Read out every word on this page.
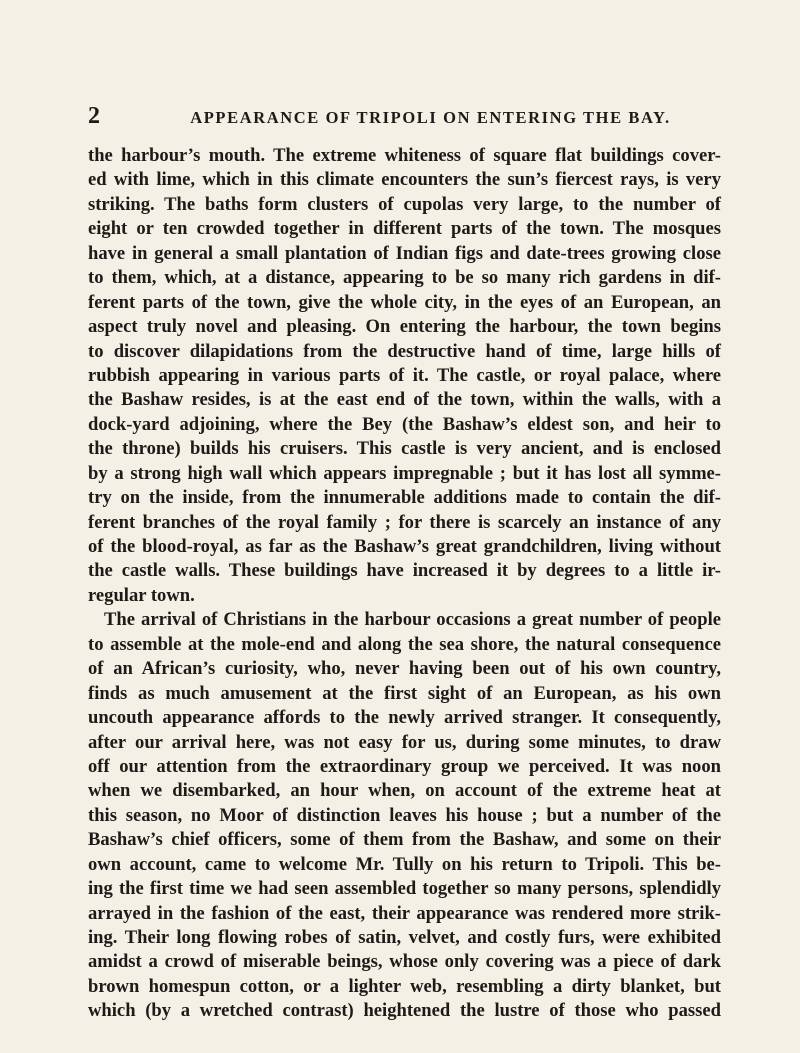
2	APPEARANCE OF TRIPOLI ON ENTERING THE BAY.
the harbour’s mouth. The extreme whiteness of square flat buildings cover-
ed with lime, which in this climate encounters the sun’s fiercest rays, is very
striking. The baths form clusters of cupolas very large, to the number of
eight or ten crowded together in different parts of the town. The mosques
have in general a small plantation of Indian figs and date-trees growing close
to them, which, at a distance, appearing to be so many rich gardens in dif-
ferent parts of the town, give the whole city, in the eyes of an European, an
aspect truly novel and pleasing. On entering the harbour, the town begins
to discover dilapidations from the destructive hand of time, large hills of
rubbish appearing in various parts of it. The castle, or royal palace, where
the Bashaw resides, is at the east end of the town, within the walls, with a
dock-yard adjoining, where the Bey (the Bashaw’s eldest son, and heir to
the throne) builds his cruisers. This castle is very ancient, and is enclosed
by a strong high wall which appears impregnable ; but it has lost all symme-
try on the inside, from the innumerable additions made to contain the dif-
ferent branches of the royal family ; for there is scarcely an instance of any
of the blood-royal, as far as the Bashaw’s great grandchildren, living without
the castle walls. These buildings have increased it by degrees to a little ir-
regular town.
The arrival of Christians in the harbour occasions a great number of people
to assemble at the mole-end and along the sea shore, the natural consequence
of an African’s curiosity, who, never having been out of his own country,
finds as much amusement at the first sight of an European, as his own
uncouth appearance affords to the newly arrived stranger. It consequently,
after our arrival here, was not easy for us, during some minutes, to draw
off our attention from the extraordinary group we perceived. It was noon
when we disembarked, an hour when, on account of the extreme heat at
this season, no Moor of distinction leaves his house ; but a number of the
Bashaw’s chief officers, some of them from the Bashaw, and some on their
own account, came to welcome Mr. Tully on his return to Tripoli. This be-
ing the first time we had seen assembled together so many persons, splendidly
arrayed in the fashion of the east, their appearance was rendered more strik-
ing. Their long flowing robes of satin, velvet, and costly furs, were exhibited
amidst a crowd of miserable beings, whose only covering was a piece of dark
brown homespun cotton, or a lighter web, resembling a dirty blanket, but
which (by a wretched contrast) heightened the lustre of those who passed
